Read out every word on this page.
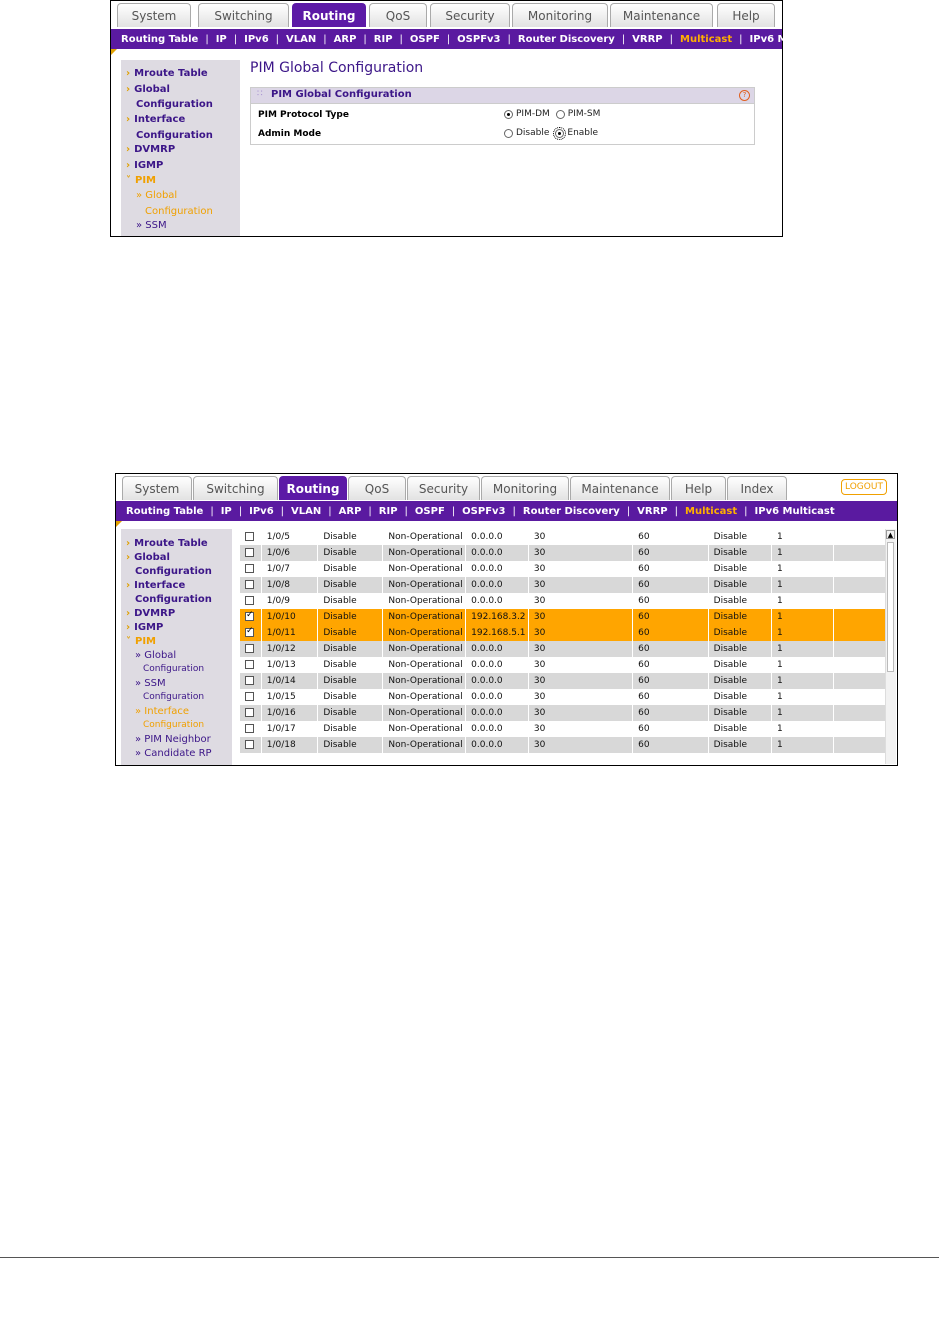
System	Switching	Routing	QoS	Security	Monitoring	Maintenance	Help
Routing Table | IP | IPv6 | VLAN | ARP | RIP | OSPF | OSPFv3 | Router Discovery | VRRP | Multicast | IPv6 Multicast
› Mroute Table
› Global
Configuration
› Interface
Configuration
› DVMRP
› IGMP
˅ PIM
» Global
Configuration
» SSM
PIM Global Configuration
∷ PIM Global Configuration	?
PIM Protocol Type	PIM-DM PIM-SM
Admin Mode	Disable Enable
System	Switching	Routing	QoS	Security	Monitoring	Maintenance	Help	Index	LOGOUT
Routing Table | IP | IPv6 | VLAN | ARP | RIP | OSPF | OSPFv3 | Router Discovery | VRRP | Multicast | IPv6 Multicast
› Mroute Table
› Global
Configuration
› Interface
Configuration
› DVMRP
› IGMP
˅ PIM
» Global
Configuration
» SSM
Configuration
» Interface
Configuration
» PIM Neighbor
» Candidate RP
	1/0/5	Disable	Non-Operational	0.0.0.0	30	60	Disable	1	
	1/0/6	Disable	Non-Operational	0.0.0.0	30	60	Disable	1	
	1/0/7	Disable	Non-Operational	0.0.0.0	30	60	Disable	1	
	1/0/8	Disable	Non-Operational	0.0.0.0	30	60	Disable	1	
	1/0/9	Disable	Non-Operational	0.0.0.0	30	60	Disable	1	
✓	1/0/10	Disable	Non-Operational	192.168.3.2	30	60	Disable	1	
✓	1/0/11	Disable	Non-Operational	192.168.5.1	30	60	Disable	1	
	1/0/12	Disable	Non-Operational	0.0.0.0	30	60	Disable	1	
	1/0/13	Disable	Non-Operational	0.0.0.0	30	60	Disable	1	
	1/0/14	Disable	Non-Operational	0.0.0.0	30	60	Disable	1	
	1/0/15	Disable	Non-Operational	0.0.0.0	30	60	Disable	1	
	1/0/16	Disable	Non-Operational	0.0.0.0	30	60	Disable	1	
	1/0/17	Disable	Non-Operational	0.0.0.0	30	60	Disable	1	
	1/0/18	Disable	Non-Operational	0.0.0.0	30	60	Disable	1	
▲
